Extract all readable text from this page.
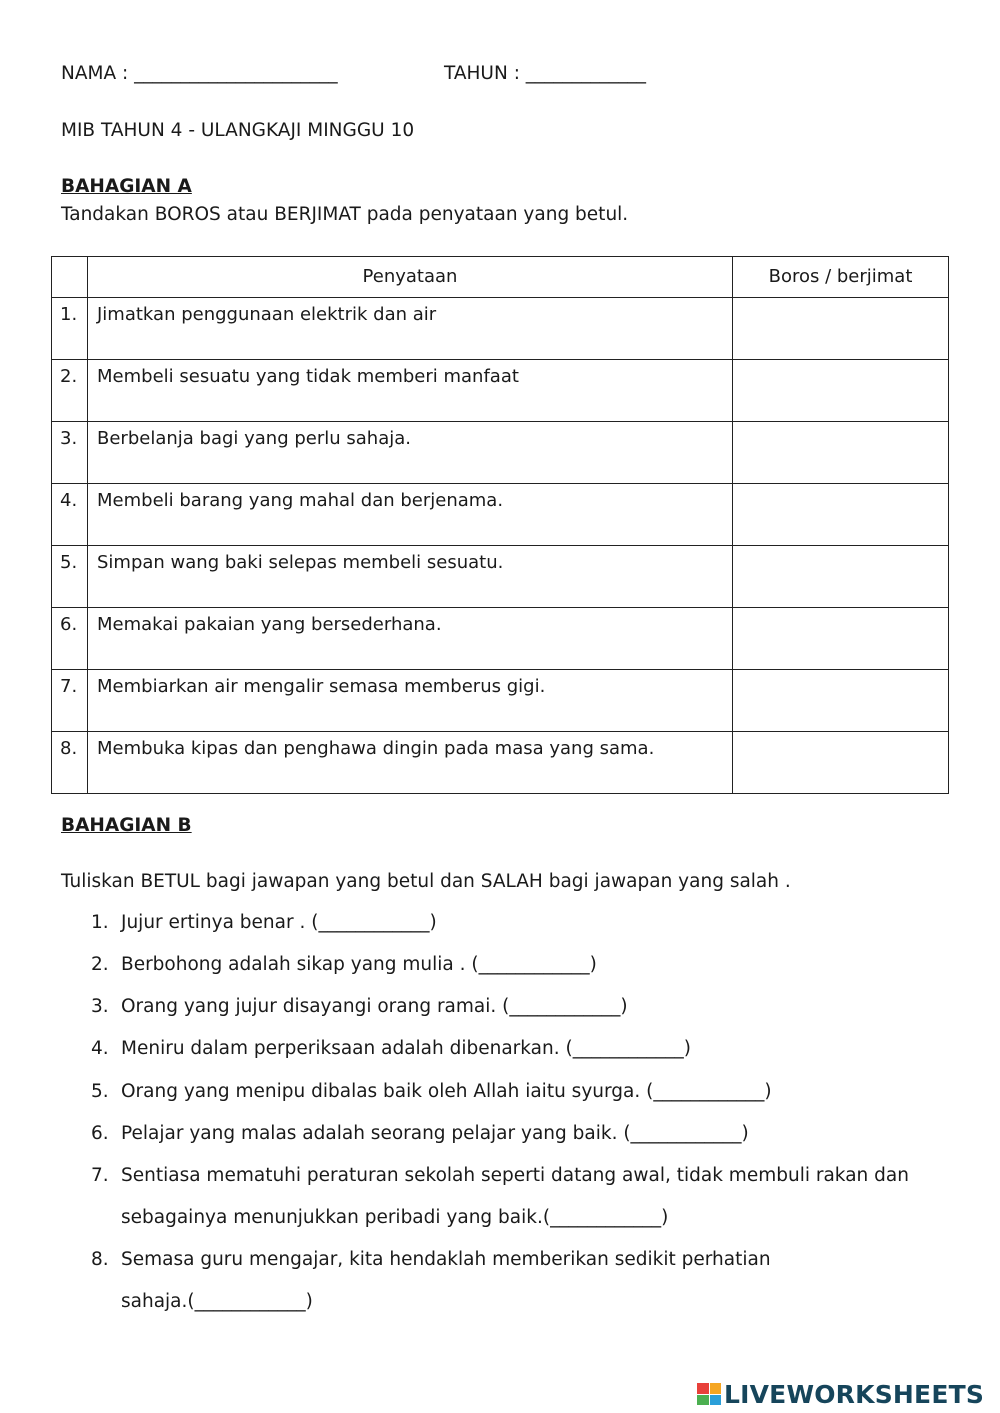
NAMA : ______________________	TAHUN : _____________
MIB TAHUN 4 - ULANGKAJI MINGGU 10
BAHAGIAN A
Tandakan BOROS atau BERJIMAT pada penyataan yang betul.
	Penyataan	Boros / berjimat
1.	Jimatkan penggunaan elektrik dan air	
2.	Membeli sesuatu yang tidak memberi manfaat	
3.	Berbelanja bagi yang perlu sahaja.	
4.	Membeli barang yang mahal dan berjenama.	
5.	Simpan wang baki selepas membeli sesuatu.	
6.	Memakai pakaian yang bersederhana.	
7.	Membiarkan air mengalir semasa memberus gigi.	
8.	Membuka kipas dan penghawa dingin pada masa yang sama.	
BAHAGIAN B
Tuliskan BETUL bagi jawapan yang betul dan SALAH bagi jawapan yang salah .
1. Jujur ertinya benar . (____________)
2. Berbohong adalah sikap yang mulia . (____________)
3. Orang yang jujur disayangi orang ramai. (____________)
4. Meniru dalam perperiksaan adalah dibenarkan. (____________)
5. Orang yang menipu dibalas baik oleh Allah iaitu syurga. (____________)
6. Pelajar yang malas adalah seorang pelajar yang baik. (____________)
7. Sentiasa mematuhi peraturan sekolah seperti datang awal, tidak membuli rakan dan
sebagainya menunjukkan peribadi yang baik.(____________)
8. Semasa guru mengajar, kita hendaklah memberikan sedikit perhatian
sahaja.(____________)
LIVEWORKSHEETS
